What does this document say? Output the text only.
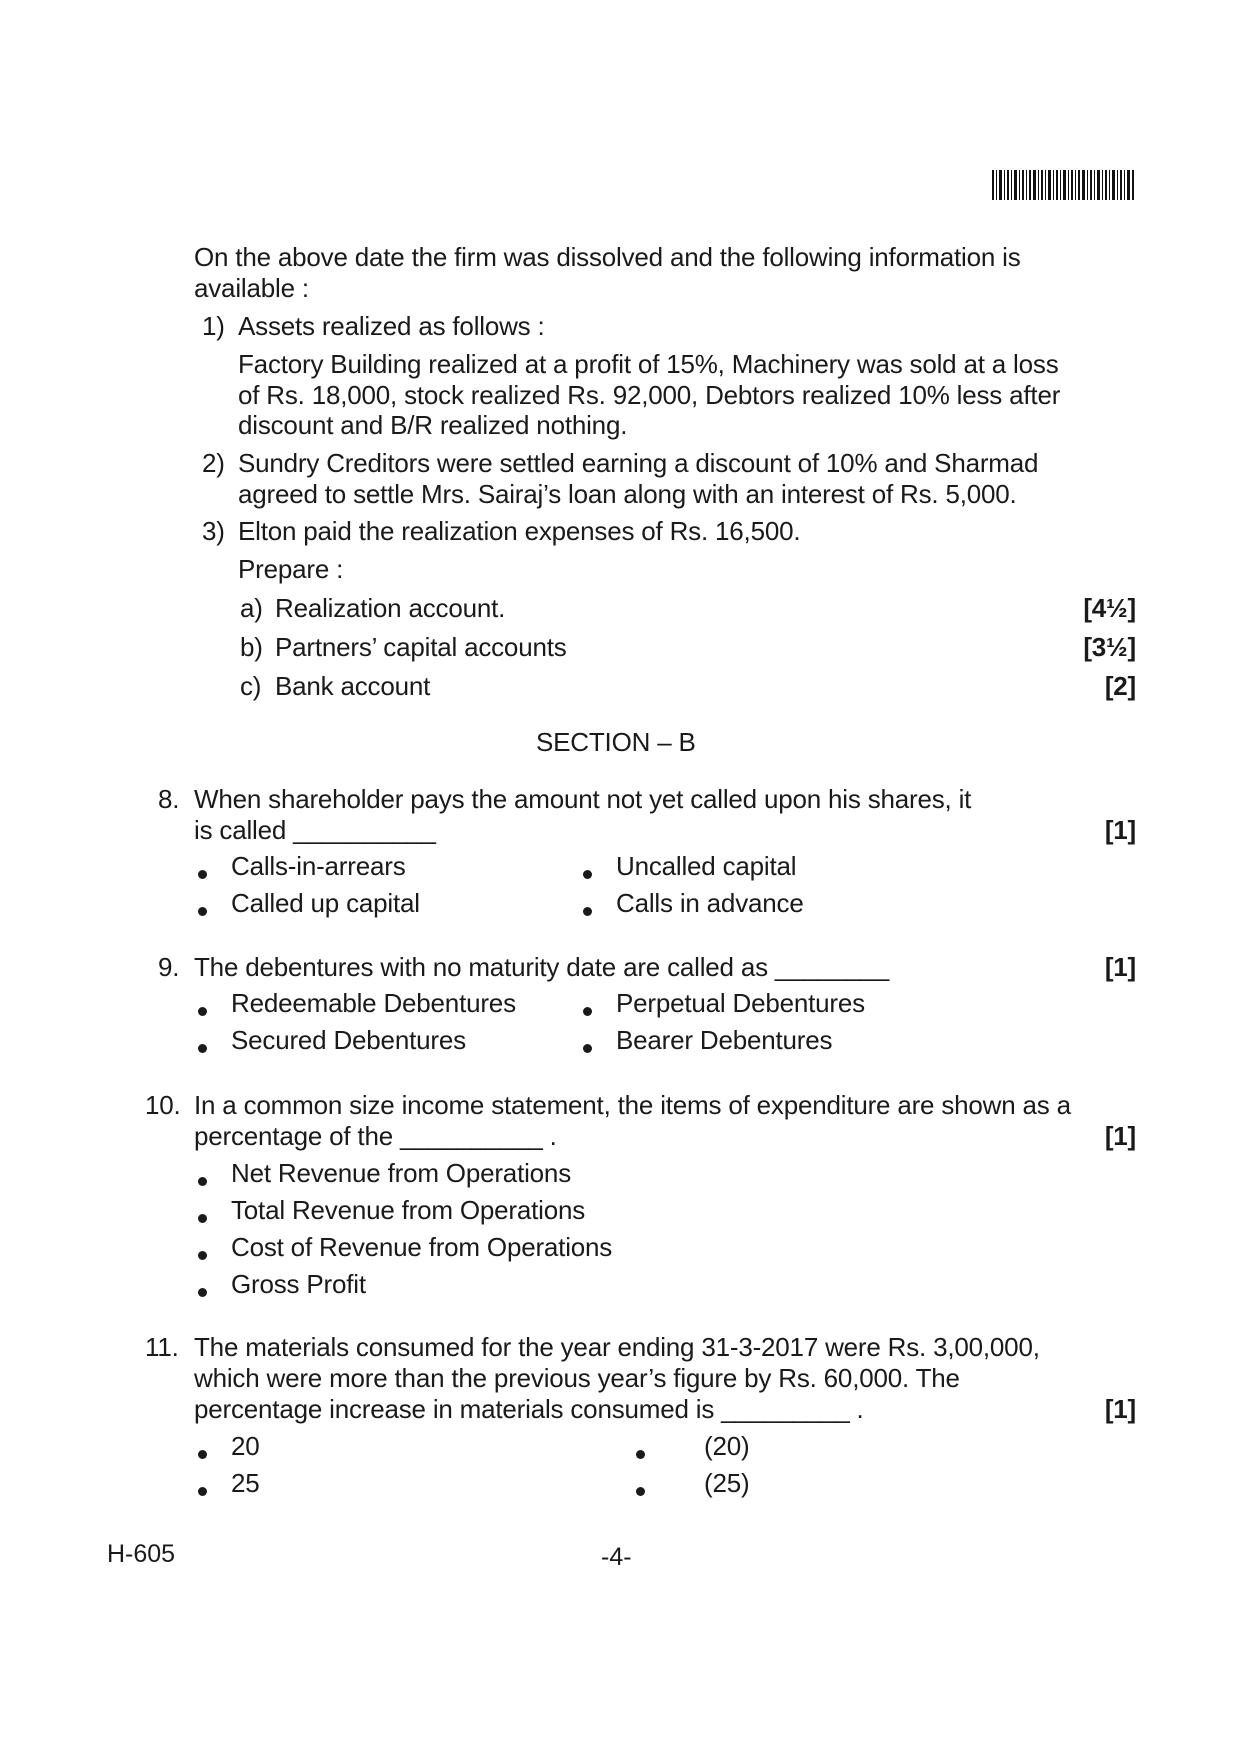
On the above date the firm was dissolved and the following information is
available :
1) Assets realized as follows :
Factory Building realized at a profit of 15%, Machinery was sold at a loss
of Rs. 18,000, stock realized Rs. 92,000, Debtors realized 10% less after
discount and B/R realized nothing.
2) Sundry Creditors were settled earning a discount of 10% and Sharmad
agreed to settle Mrs. Sairaj’s loan along with an interest of Rs. 5,000.
3) Elton paid the realization expenses of Rs. 16,500.
Prepare :
a) Realization account.	[4½]
b) Partners’ capital accounts	[3½]
c) Bank account	[2]
SECTION – B
8. When shareholder pays the amount not yet called upon his shares, it
is called __________	[1]
Calls-in-arrears	Uncalled capital
Called up capital	Calls in advance
9. The debentures with no maturity date are called as ________	[1]
Redeemable Debentures	Perpetual Debentures
Secured Debentures	Bearer Debentures
10. In a common size income statement, the items of expenditure are shown as a
percentage of the __________ .	[1]
Net Revenue from Operations
Total Revenue from Operations
Cost of Revenue from Operations
Gross Profit
11. The materials consumed for the year ending 31-3-2017 were Rs. 3,00,000,
which were more than the previous year’s figure by Rs. 60,000. The
percentage increase in materials consumed is _________ .	[1]
20	(20)
25	(25)
H-605	-4-
